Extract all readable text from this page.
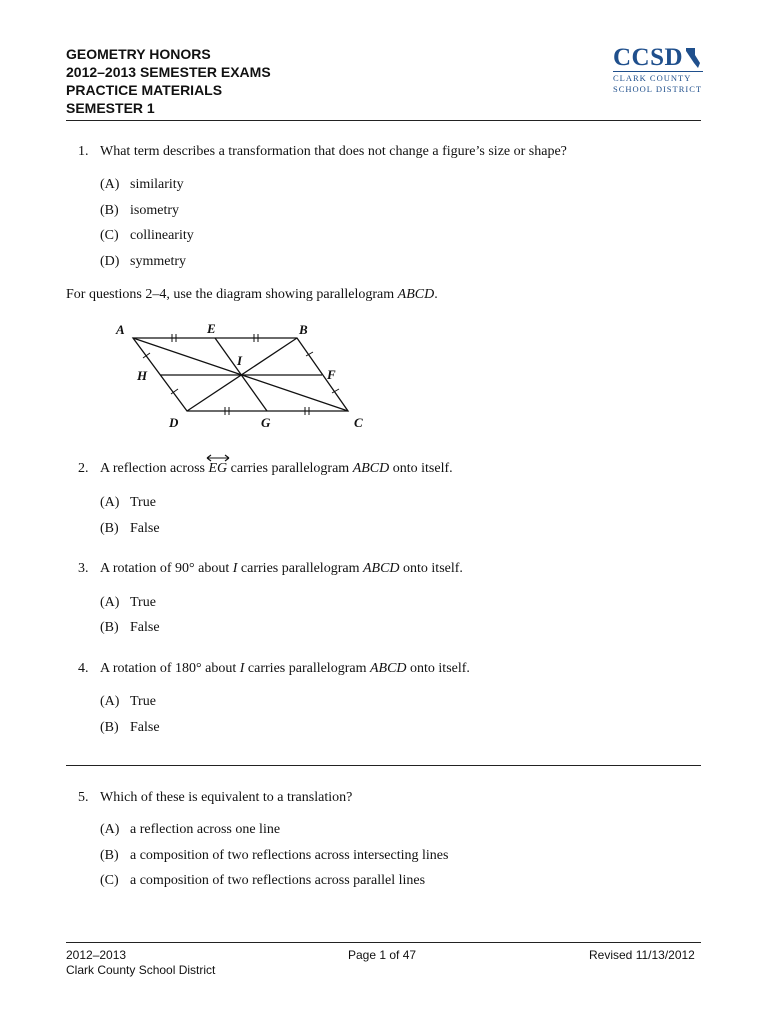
GEOMETRY HONORS
2012–2013 SEMESTER EXAMS
PRACTICE MATERIALS
SEMESTER 1
CCSD
CLARK COUNTY
SCHOOL DISTRICT
1. What term describes a transformation that does not change a figure’s size or shape?
(A) similarity
(B) isometry
(C) collinearity
(D) symmetry
For questions 2–4, use the diagram showing parallelogram ABCD.
A	E	B
I
H	F
D	G	C
2. A reflection across
EG carries parallelogram ABCD onto itself.
(A) True
(B) False
3. A rotation of 90° about I carries parallelogram ABCD onto itself.
(A) True
(B) False
4. A rotation of 180° about I carries parallelogram ABCD onto itself.
(A) True
(B) False
5. Which of these is equivalent to a translation?
(A) a reflection across one line
(B) a composition of two reflections across intersecting lines
(C) a composition of two reflections across parallel lines
2012–2013
Clark County School District
Page 1 of 47	Revised 11/13/2012
